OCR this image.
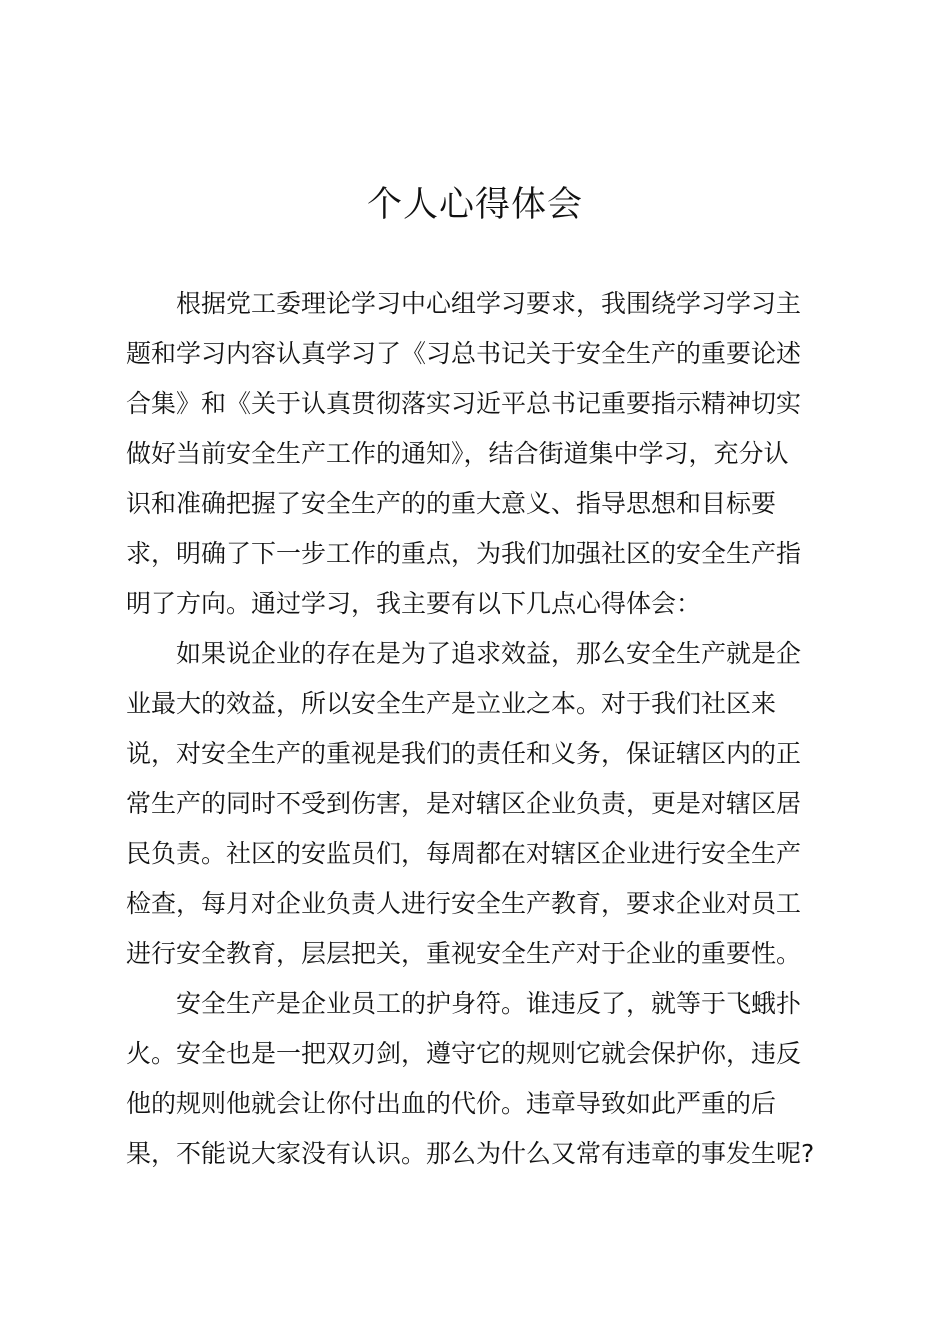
个人心得体会
根据党工委理论学习中心组学习要求，我围绕学习学习主
题和学习内容认真学习了《习总书记关于安全生产的重要论述
合集》和《关于认真贯彻落实习近平总书记重要指示精神切实
做好当前安全生产工作的通知》，结合街道集中学习，充分认
识和准确把握了安全生产的的重大意义、指导思想和目标要
求，明确了下一步工作的重点，为我们加强社区的安全生产指
明了方向。通过学习，我主要有以下几点心得体会：
如果说企业的存在是为了追求效益，那么安全生产就是企
业最大的效益，所以安全生产是立业之本。对于我们社区来
说，对安全生产的重视是我们的责任和义务，保证辖区内的正
常生产的同时不受到伤害，是对辖区企业负责，更是对辖区居
民负责。社区的安监员们，每周都在对辖区企业进行安全生产
检查，每月对企业负责人进行安全生产教育，要求企业对员工
进行安全教育，层层把关，重视安全生产对于企业的重要性。
安全生产是企业员工的护身符。谁违反了，就等于飞蛾扑
火。安全也是一把双刃剑，遵守它的规则它就会保护你，违反
他的规则他就会让你付出血的代价。违章导致如此严重的后
果，不能说大家没有认识。那么为什么又常有违章的事发生呢?
